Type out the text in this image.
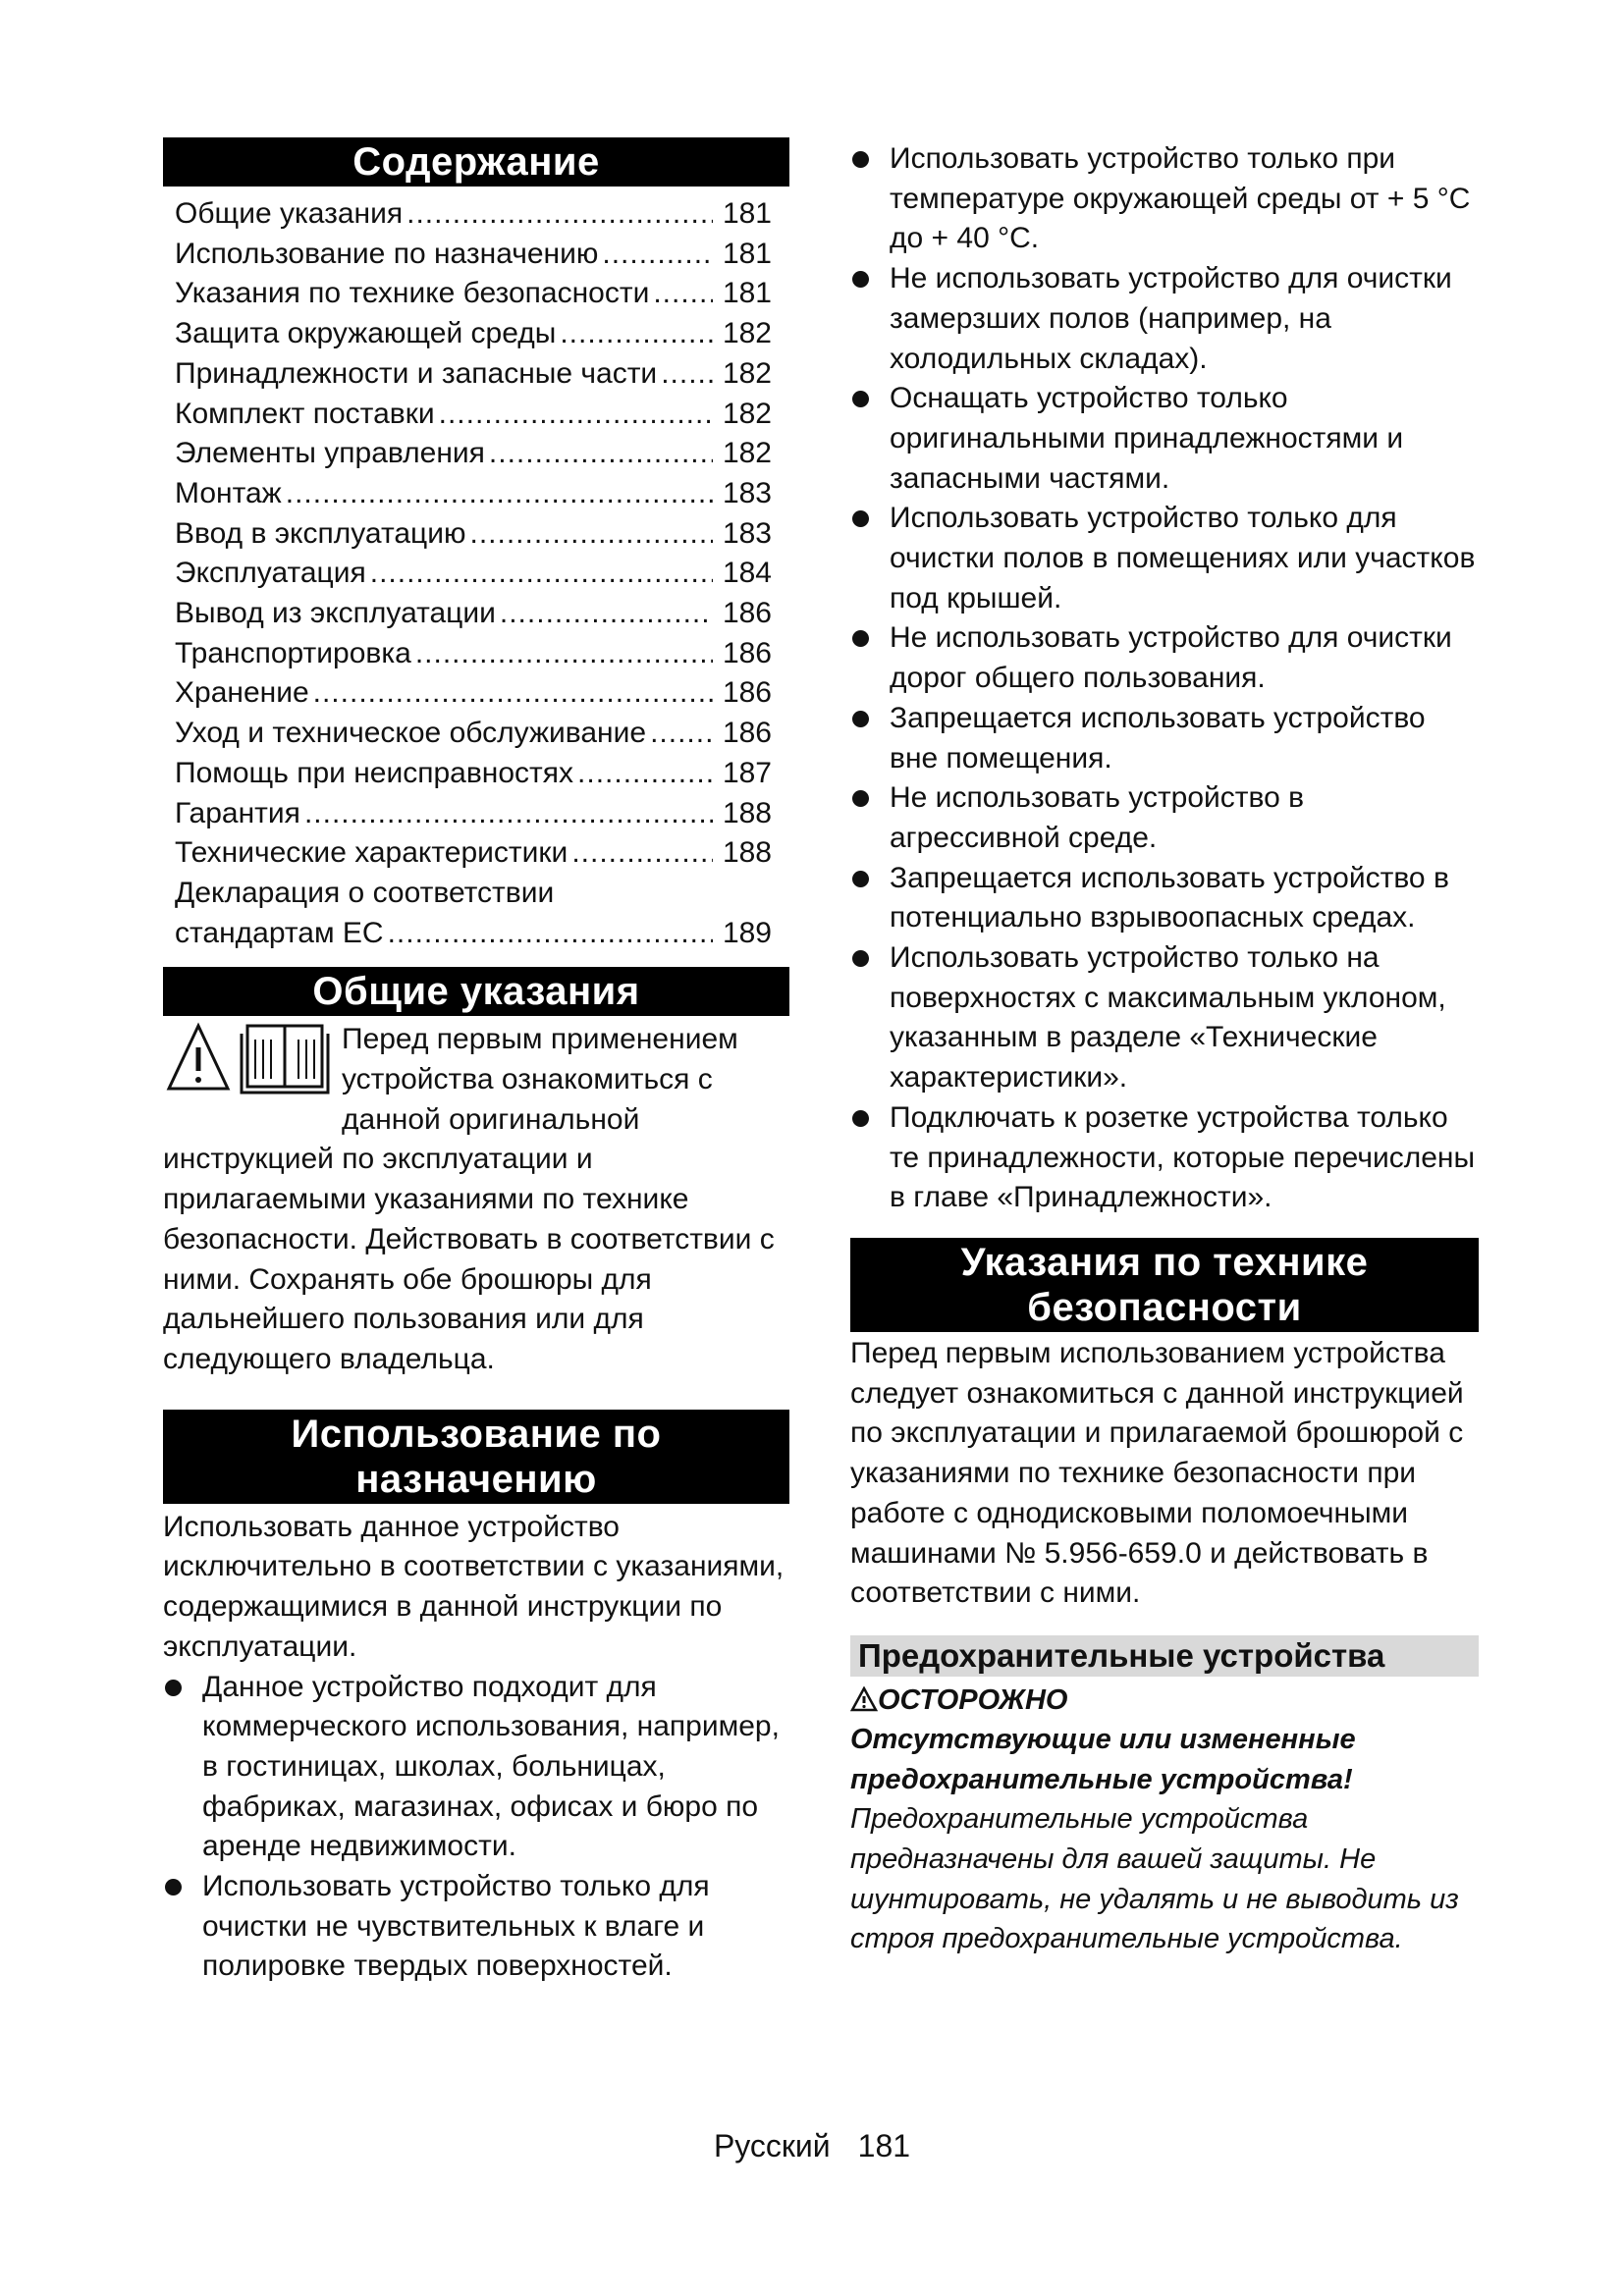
Содержание
Общие указания .....	181
Использование по назначению .....	181
Указания по технике безопасности ..... 181
Защита окружающей среды .....	182
Принадлежности и запасные части ..... 182
Комплект поставки .....	182
Элементы управления .....	182
Монтаж .....	183
Ввод в эксплуатацию .....	183
Эксплуатация .....	184
Вывод из эксплуатации .....	186
Транспортировка .....	186
Хранение .....	186
Уход и техническое обслуживание .....	186
Помощь при неисправностях .....	187
Гарантия .....	188
Технические характеристики .....	188
Декларация о соответствии
стандартам ЕС .....	189
Общие указания
Перед первым применением устройства ознакомиться с данной оригинальной инструкцией по эксплуатации и прилагаемыми указаниями по технике безопасности. Действовать в соответствии с ними. Сохранять обе брошюры для дальнейшего пользования или для следующего владельца.
Использование по
назначению
Использовать данное устройство исключительно в соответствии с указаниями, содержащимися в данной инструкции по эксплуатации.
Данное устройство подходит для коммерческого использования, например, в гостиницах, школах, больницах, фабриках, магазинах, офисах и бюро по аренде недвижимости.
Использовать устройство только для очистки не чувствительных к влаге и полировке твердых поверхностей.
Использовать устройство только при температуре окружающей среды от + 5 °С до + 40 °С.
Не использовать устройство для очистки замерзших полов (например, на холодильных складах).
Оснащать устройство только оригинальными принадлежностями и запасными частями.
Использовать устройство только для очистки полов в помещениях или участков под крышей.
Не использовать устройство для очистки дорог общего пользования.
Запрещается использовать устройство вне помещения.
Не использовать устройство в агрессивной среде.
Запрещается использовать устройство в потенциально взрывоопасных средах.
Использовать устройство только на поверхностях с максимальным уклоном, указанным в разделе «Технические характеристики».
Подключать к розетке устройства только те принадлежности, которые перечислены в главе «Принадлежности».
Указания по технике
безопасности
Перед первым использованием устройства следует ознакомиться с данной инструкцией по эксплуатации и прилагаемой брошюрой с указаниями по технике безопасности при работе с однодисковыми поломоечными машинами № 5.956-659.0 и действовать в соответствии с ними.
Предохранительные устройства
ОСТОРОЖНО
Отсутствующие или измененные предохранительные устройства!
Предохранительные устройства предназначены для вашей защиты. Не шунтировать, не удалять и не выводить из строя предохранительные устройства.
Русский 181
